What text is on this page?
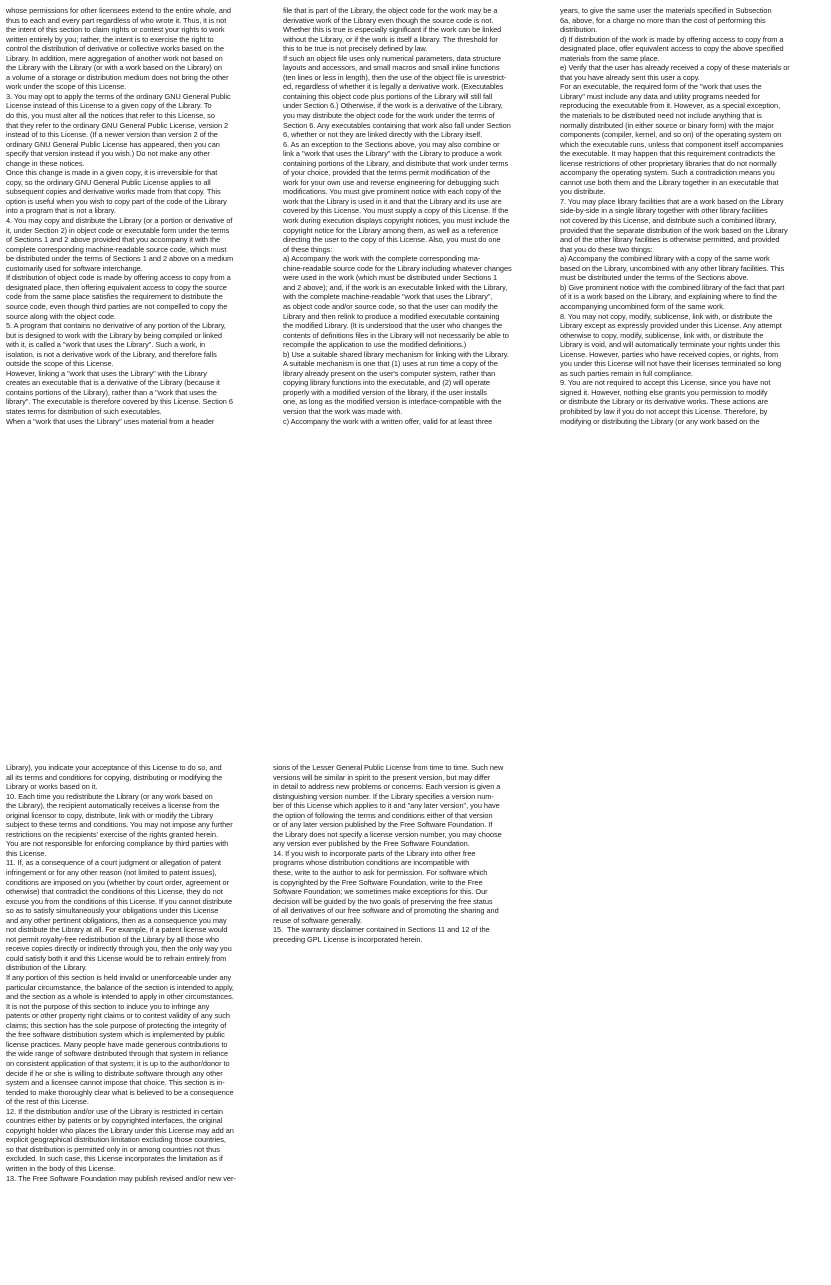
whose permissions for other licensees extend to the entire whole, and

thus to each and every part regardless of who wrote it. Thus, it is not

the intent of this section to claim rights or contest your rights to work

written entirely by you; rather, the intent is to exercise the right to

control the distribution of derivative or collective works based on the

Library. In addition, mere aggregation of another work not based on

the Library with the Library (or with a work based on the Library) on

a volume of a storage or distribution medium does not bring the other

work under the scope of this License.

3. You may opt to apply the terms of the ordinary GNU General Public

License instead of this License to a given copy of the Library. To

do this, you must alter all the notices that refer to this License, so

that they refer to the ordinary GNU General Public License, version 2

instead of to this License. (If a newer version than version 2 of the

ordinary GNU General Public License has appeared, then you can

specify that version instead if you wish.) Do not make any other

change in these notices.

Once this change is made in a given copy, it is irreversible for that

copy, so the ordinary GNU General Public License applies to all

subsequent copies and derivative works made from that copy. This

option is useful when you wish to copy part of the code of the Library

into a program that is not a library.

4. You may copy and distribute the Library (or a portion or derivative of

it, under Section 2) in object code or executable form under the terms

of Sections 1 and 2 above provided that you accompany it with the

complete corresponding machine-readable source code, which must

be distributed under the terms of Sections 1 and 2 above on a medium

customarily used for software interchange.

If distribution of object code is made by offering access to copy from a

designated place, then offering equivalent access to copy the source

code from the same place satisfies the requirement to distribute the

source code, even though third parties are not compelled to copy the

source along with the object code.

5. A program that contains no derivative of any portion of the Library,

but is designed to work with the Library by being compiled or linked

with it, is called a "work that uses the Library". Such a work, in

isolation, is not a derivative work of the Library, and therefore falls

outside the scope of this License.

However, linking a "work that uses the Library" with the Library

creates an executable that is a derivative of the Library (because it

contains portions of the Library), rather than a "work that uses the

library". The executable is therefore covered by this License. Section 6

states terms for distribution of such executables.

When a "work that uses the Library" uses material from a header

file that is part of the Library, the object code for the work may be a

derivative work of the Library even though the source code is not.

Whether this is true is especially significant if the work can be linked

without the Library, or if the work is itself a library. The threshold for

this to be true is not precisely defined by law.

If such an object file uses only numerical parameters, data structure

layouts and accessors, and small macros and small inline functions

(ten lines or less in length), then the use of the object file is unrestrict-

ed, regardless of whether it is legally a derivative work. (Executables

containing this object code plus portions of the Library will still fall

under Section 6.) Otherwise, if the work is a derivative of the Library,

you may distribute the object code for the work under the terms of

Section 6. Any executables containing that work also fall under Section

6, whether or not they are linked directly with the Library itself.

6. As an exception to the Sections above, you may also combine or

link a "work that uses the Library" with the Library to produce a work

containing portions of the Library, and distribute that work under terms

of your choice, provided that the terms permit modification of the

work for your own use and reverse engineering for debugging such

modifications. You must give prominent notice with each copy of the

work that the Library is used in it and that the Library and its use are

covered by this License. You must supply a copy of this License. If the

work during execution displays copyright notices, you must include the

copyright notice for the Library among them, as well as a reference

directing the user to the copy of this License. Also, you must do one

of these things:

a) Accompany the work with the complete corresponding ma-

chine-readable source code for the Library including whatever changes

were used in the work (which must be distributed under Sections 1

and 2 above); and, if the work is an executable linked with the Library,

with the complete machine-readable "work that uses the Library",

as object code and/or source code, so that the user can modify the

Library and then relink to produce a modified executable containing

the modified Library. (It is understood that the user who changes the

contents of definitions files in the Library will not necessarily be able to

recompile the application to use the modified definitions.)

b) Use a suitable shared library mechanism for linking with the Library.

A suitable mechanism is one that (1) uses at run time a copy of the

library already present on the user's computer system, rather than

copying library functions into the executable, and (2) will operate

properly with a modified version of the library, if the user installs

one, as long as the modified version is interface-compatible with the

version that the work was made with.

c) Accompany the work with a written offer, valid for at least three

years, to give the same user the materials specified in Subsection

6a, above, for a charge no more than the cost of performing this

distribution.

d) If distribution of the work is made by offering access to copy from a

designated place, offer equivalent access to copy the above specified

materials from the same place.

e) Verify that the user has already received a copy of these materials or

that you have already sent this user a copy.

For an executable, the required form of the "work that uses the

Library" must include any data and utility programs needed for

reproducing the executable from it. However, as a special exception,

the materials to be distributed need not include anything that is

normally distributed (in either source or binary form) with the major

components (compiler, kernel, and so on) of the operating system on

which the executable runs, unless that component itself accompanies

the executable. It may happen that this requirement contradicts the

license restrictions of other proprietary libraries that do not normally

accompany the operating system. Such a contradiction means you

cannot use both them and the Library together in an executable that

you distribute.

7. You may place library facilities that are a work based on the Library

side-by-side in a single library together with other library facilities

not covered by this License, and distribute such a combined library,

provided that the separate distribution of the work based on the Library

and of the other library facilities is otherwise permitted, and provided

that you do these two things:

a) Accompany the combined library with a copy of the same work

based on the Library, uncombined with any other library facilities. This

must be distributed under the terms of the Sections above.

b) Give prominent notice with the combined library of the fact that part

of it is a work based on the Library, and explaining where to find the

accompanying uncombined form of the same work.

8. You may not copy, modify, sublicense, link with, or distribute the

Library except as expressly provided under this License. Any attempt

otherwise to copy, modify, sublicense, link with, or distribute the

Library is void, and will automatically terminate your rights under this

License. However, parties who have received copies, or rights, from

you under this License will not have their licenses terminated so long

as such parties remain in full compliance.

9. You are not required to accept this License, since you have not

signed it. However, nothing else grants you permission to modify

or distribute the Library or its derivative works. These actions are

prohibited by law if you do not accept this License. Therefore, by

modifying or distributing the Library (or any work based on the

Library), you indicate your acceptance of this License to do so, and

all its terms and conditions for copying, distributing or modifying the

Library or works based on it.

10. Each time you redistribute the Library (or any work based on

the Library), the recipient automatically receives a license from the

original licensor to copy, distribute, link with or modify the Library

subject to these terms and conditions. You may not impose any further

restrictions on the recipients' exercise of the rights granted herein.

You are not responsible for enforcing compliance by third parties with

this License.

11. If, as a consequence of a court judgment or allegation of patent

infringement or for any other reason (not limited to patent issues),

conditions are imposed on you (whether by court order, agreement or

otherwise) that contradict the conditions of this License, they do not

excuse you from the conditions of this License. If you cannot distribute

so as to satisfy simultaneously your obligations under this License

and any other pertinent obligations, then as a consequence you may

not distribute the Library at all. For example, if a patent license would

not permit royalty-free redistribution of the Library by all those who

receive copies directly or indirectly through you, then the only way you

could satisfy both it and this License would be to refrain entirely from

distribution of the Library.

If any portion of this section is held invalid or unenforceable under any

particular circumstance, the balance of the section is intended to apply,

and the section as a whole is intended to apply in other circumstances.

It is not the purpose of this section to induce you to infringe any

patents or other property right claims or to contest validity of any such

claims; this section has the sole purpose of protecting the integrity of

the free software distribution system which is implemented by public

license practices. Many people have made generous contributions to

the wide range of software distributed through that system in reliance

on consistent application of that system; it is up to the author/donor to

decide if he or she is willing to distribute software through any other

system and a licensee cannot impose that choice. This section is in-

tended to make thoroughly clear what is believed to be a consequence

of the rest of this License.

12. If the distribution and/or use of the Library is restricted in certain

countries either by patents or by copyrighted interfaces, the original

copyright holder who places the Library under this License may add an

explicit geographical distribution limitation excluding those countries,

so that distribution is permitted only in or among countries not thus

excluded. In such case, this License incorporates the limitation as if

written in the body of this License.

13. The Free Software Foundation may publish revised and/or new ver-

sions of the Lesser General Public License from time to time. Such new

versions will be similar in spirit to the present version, but may differ

in detail to address new problems or concerns. Each version is given a

distinguishing version number. If the Library specifies a version num-

ber of this License which applies to it and "any later version", you have

the option of following the terms and conditions either of that version

or of any later version published by the Free Software Foundation. If

the Library does not specify a license version number, you may choose

any version ever published by the Free Software Foundation.

14. If you wish to incorporate parts of the Library into other free

programs whose distribution conditions are incompatible with

these, write to the author to ask for permission. For software which

is copyrighted by the Free Software Foundation, write to the Free

Software Foundation; we sometimes make exceptions for this. Our

decision will be guided by the two goals of preserving the free status

of all derivatives of our free software and of promoting the sharing and

reuse of software generally.

15.  The warranty disclaimer contained in Sections 11 and 12 of the

preceding GPL License is incorporated herein.
